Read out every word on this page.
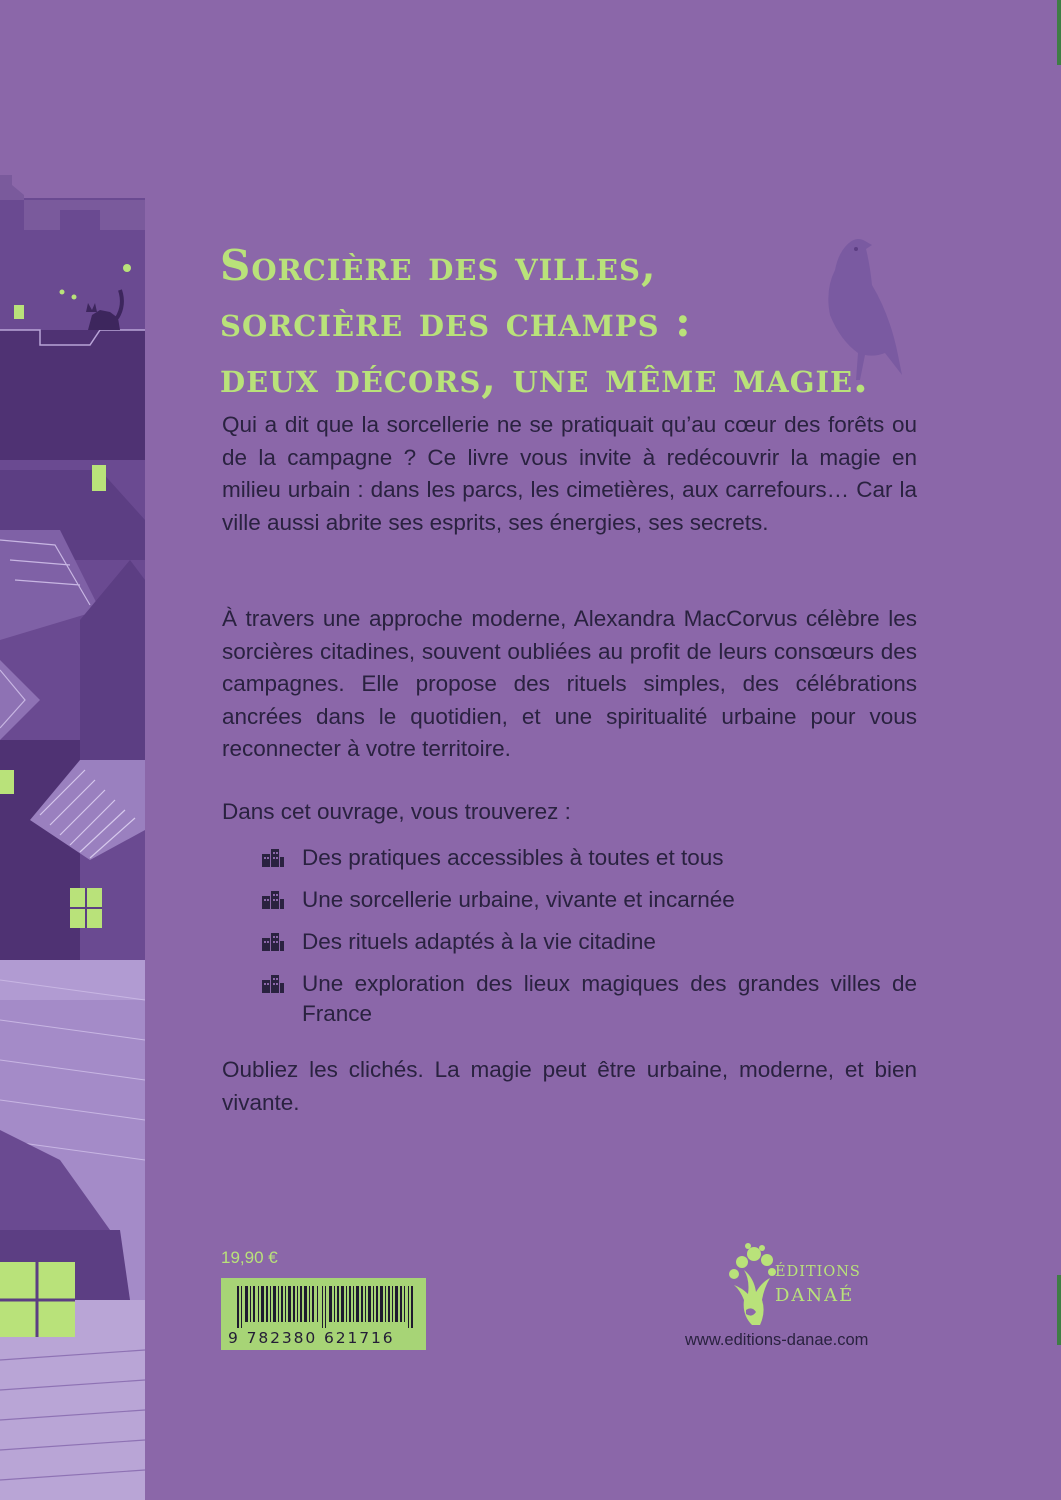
Sorcière des villes,
sorcière des champs :
deux décors, une même magie.
Qui a dit que la sorcellerie ne se pratiquait qu’au cœur des forêts ou de la campagne ? Ce livre vous invite à redécouvrir la magie en milieu urbain : dans les parcs, les cimetières, aux carrefours… Car la ville aussi abrite ses esprits, ses énergies, ses secrets.
À travers une approche moderne, Alexandra MacCorvus célèbre les sorcières citadines, souvent oubliées au profit de leurs consœurs des campagnes. Elle propose des rituels simples, des célébrations ancrées dans le quotidien, et une spiritualité urbaine pour vous reconnecter à votre territoire.
Dans cet ouvrage, vous trouverez :
Des pratiques accessibles à toutes et tous
Une sorcellerie urbaine, vivante et incarnée
Des rituels adaptés à la vie citadine
Une exploration des lieux magiques des grandes villes de France
Oubliez les clichés. La magie peut être urbaine, moderne, et bien vivante.
19,90 €
9 782380 621716
ÉDITIONS
DANAÉ
www.editions-danae.com
